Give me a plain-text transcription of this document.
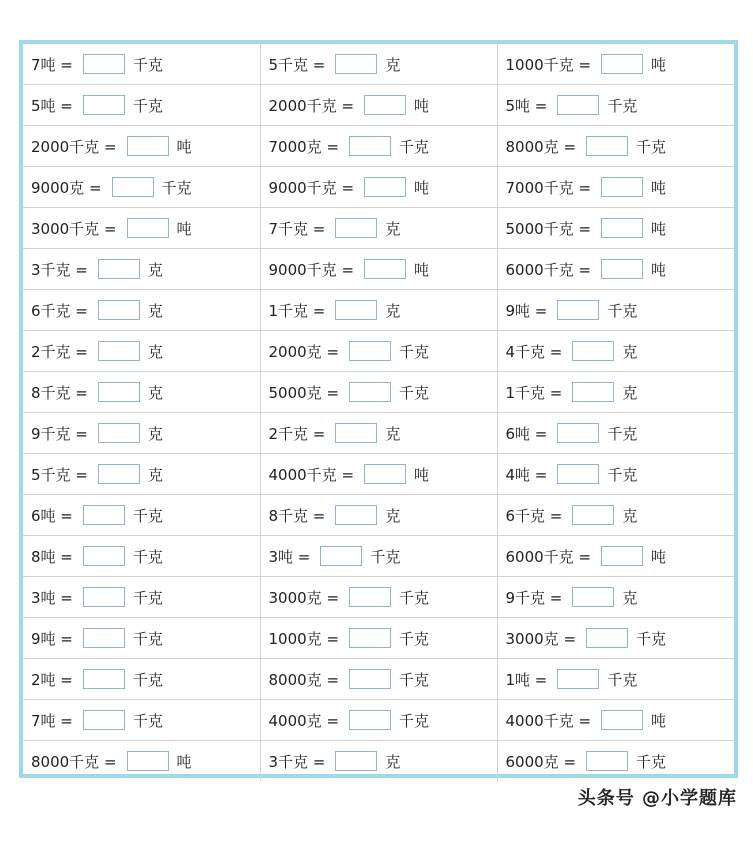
7吨 = 千克	5千克 = 克	1000千克 = 吨
5吨 = 千克	2000千克 = 吨	5吨 = 千克
2000千克 = 吨	7000克 = 千克	8000克 = 千克
9000克 = 千克	9000千克 = 吨	7000千克 = 吨
3000千克 = 吨	7千克 = 克	5000千克 = 吨
3千克 = 克	9000千克 = 吨	6000千克 = 吨
6千克 = 克	1千克 = 克	9吨 = 千克
2千克 = 克	2000克 = 千克	4千克 = 克
8千克 = 克	5000克 = 千克	1千克 = 克
9千克 = 克	2千克 = 克	6吨 = 千克
5千克 = 克	4000千克 = 吨	4吨 = 千克
6吨 = 千克	8千克 = 克	6千克 = 克
8吨 = 千克	3吨 = 千克	6000千克 = 吨
3吨 = 千克	3000克 = 千克	9千克 = 克
9吨 = 千克	1000克 = 千克	3000克 = 千克
2吨 = 千克	8000克 = 千克	1吨 = 千克
7吨 = 千克	4000克 = 千克	4000千克 = 吨
8000千克 = 吨	3千克 = 克	6000克 = 千克
头条号 @小学题库
